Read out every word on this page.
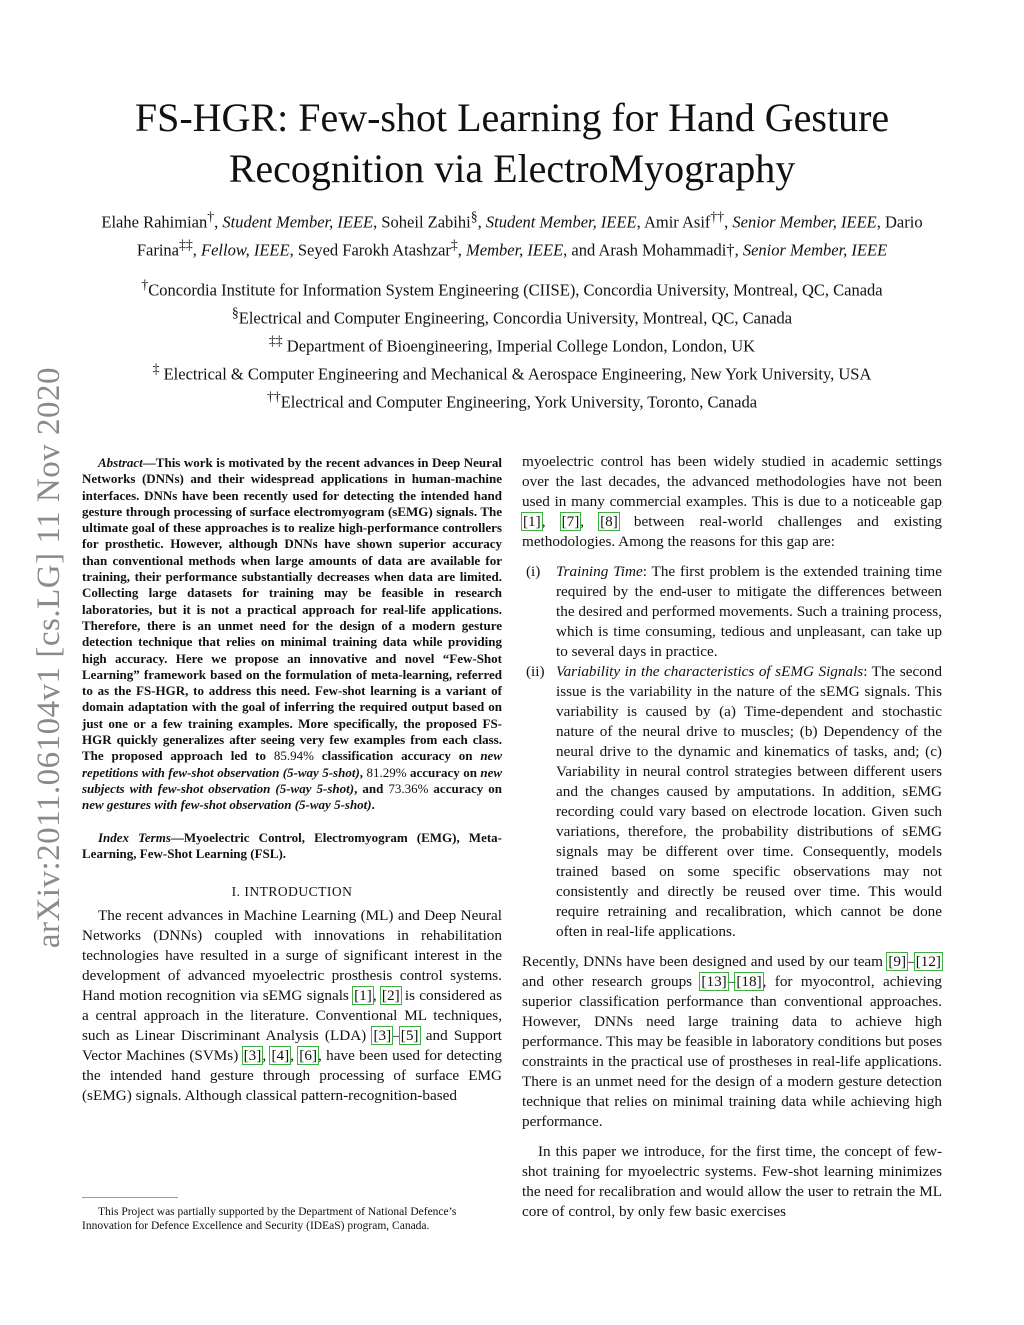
arXiv:2011.06104v1 [cs.LG] 11 Nov 2020
FS-HGR: Few-shot Learning for Hand Gesture
Recognition via ElectroMyography
Elahe Rahimian†, Student Member, IEEE, Soheil Zabihi§, Student Member, IEEE, Amir Asif††, Senior Member, IEEE, Dario Farina‡‡, Fellow, IEEE, Seyed Farokh Atashzar‡, Member, IEEE, and Arash Mohammadi†, Senior Member, IEEE
†Concordia Institute for Information System Engineering (CIISE), Concordia University, Montreal, QC, Canada
§Electrical and Computer Engineering, Concordia University, Montreal, QC, Canada
‡‡ Department of Bioengineering, Imperial College London, London, UK
‡ Electrical & Computer Engineering and Mechanical & Aerospace Engineering, New York University, USA
††Electrical and Computer Engineering, York University, Toronto, Canada

Abstract—This work is motivated by the recent advances in Deep Neural Networks (DNNs) and their widespread applications in human-machine interfaces. DNNs have been recently used for detecting the intended hand gesture through processing of surface electromyogram (sEMG) signals. The ultimate goal of these approaches is to realize high-performance controllers for prosthetic. However, although DNNs have shown superior accuracy than conventional methods when large amounts of data are available for training, their performance substantially decreases when data are limited. Collecting large datasets for training may be feasible in research laboratories, but it is not a practical approach for real-life applications. Therefore, there is an unmet need for the design of a modern gesture detection technique that relies on minimal training data while providing high accuracy. Here we propose an innovative and novel “Few-Shot Learning” framework based on the formulation of meta-learning, referred to as the FS-HGR, to address this need. Few-shot learning is a variant of domain adaptation with the goal of inferring the required output based on just one or a few training examples. More specifically, the proposed FS-HGR quickly generalizes after seeing very few examples from each class. The proposed approach led to 85.94% classification accuracy on new repetitions with few-shot observation (5-way 5-shot), 81.29% accuracy on new subjects with few-shot observation (5-way 5-shot), and 73.36% accuracy on new gestures with few-shot observation (5-way 5-shot).

Index Terms—Myoelectric Control, Electromyogram (EMG), Meta-Learning, Few-Shot Learning (FSL).

I. INTRODUCTION

The recent advances in Machine Learning (ML) and Deep Neural Networks (DNNs) coupled with innovations in rehabilitation technologies have resulted in a surge of significant interest in the development of advanced myoelectric prosthesis control systems. Hand motion recognition via sEMG signals [1], [2] is considered as a central approach in the literature. Conventional ML techniques, such as Linear Discriminant Analysis (LDA) [3]–[5] and Support Vector Machines (SVMs) [3], [4], [6], have been used for detecting the intended hand gesture through processing of surface EMG (sEMG) signals. Although classical pattern-recognition-based

This Project was partially supported by the Department of National Defence’s Innovation for Defence Excellence and Security (IDEaS) program, Canada.

myoelectric control has been widely studied in academic settings over the last decades, the advanced methodologies have not been used in many commercial examples. This is due to a noticeable gap [1], [7], [8] between real-world challenges and existing methodologies. Among the reasons for this gap are:

(i) Training Time: The first problem is the extended training time required by the end-user to mitigate the differences between the desired and performed movements. Such a training process, which is time consuming, tedious and unpleasant, can take up to several days in practice.
(ii) Variability in the characteristics of sEMG Signals: The second issue is the variability in the nature of the sEMG signals. This variability is caused by (a) Time-dependent and stochastic nature of the neural drive to muscles; (b) Dependency of the neural drive to the dynamic and kinematics of tasks, and; (c) Variability in neural control strategies between different users and the changes caused by amputations. In addition, sEMG recording could vary based on electrode location. Given such variations, therefore, the probability distributions of sEMG signals may be different over time. Consequently, models trained based on some specific observations may not consistently and directly be reused over time. This would require retraining and recalibration, which cannot be done often in real-life applications.

Recently, DNNs have been designed and used by our team [9]–[12] and other research groups [13]–[18], for myocontrol, achieving superior classification performance than conventional approaches. However, DNNs need large training data to achieve high performance. This may be feasible in laboratory conditions but poses constraints in the practical use of prostheses in real-life applications. There is an unmet need for the design of a modern gesture detection technique that relies on minimal training data while achieving high performance.

In this paper we introduce, for the first time, the concept of few-shot training for myoelectric systems. Few-shot learning minimizes the need for recalibration and would allow the user to retrain the ML core of control, by only few basic exercises
